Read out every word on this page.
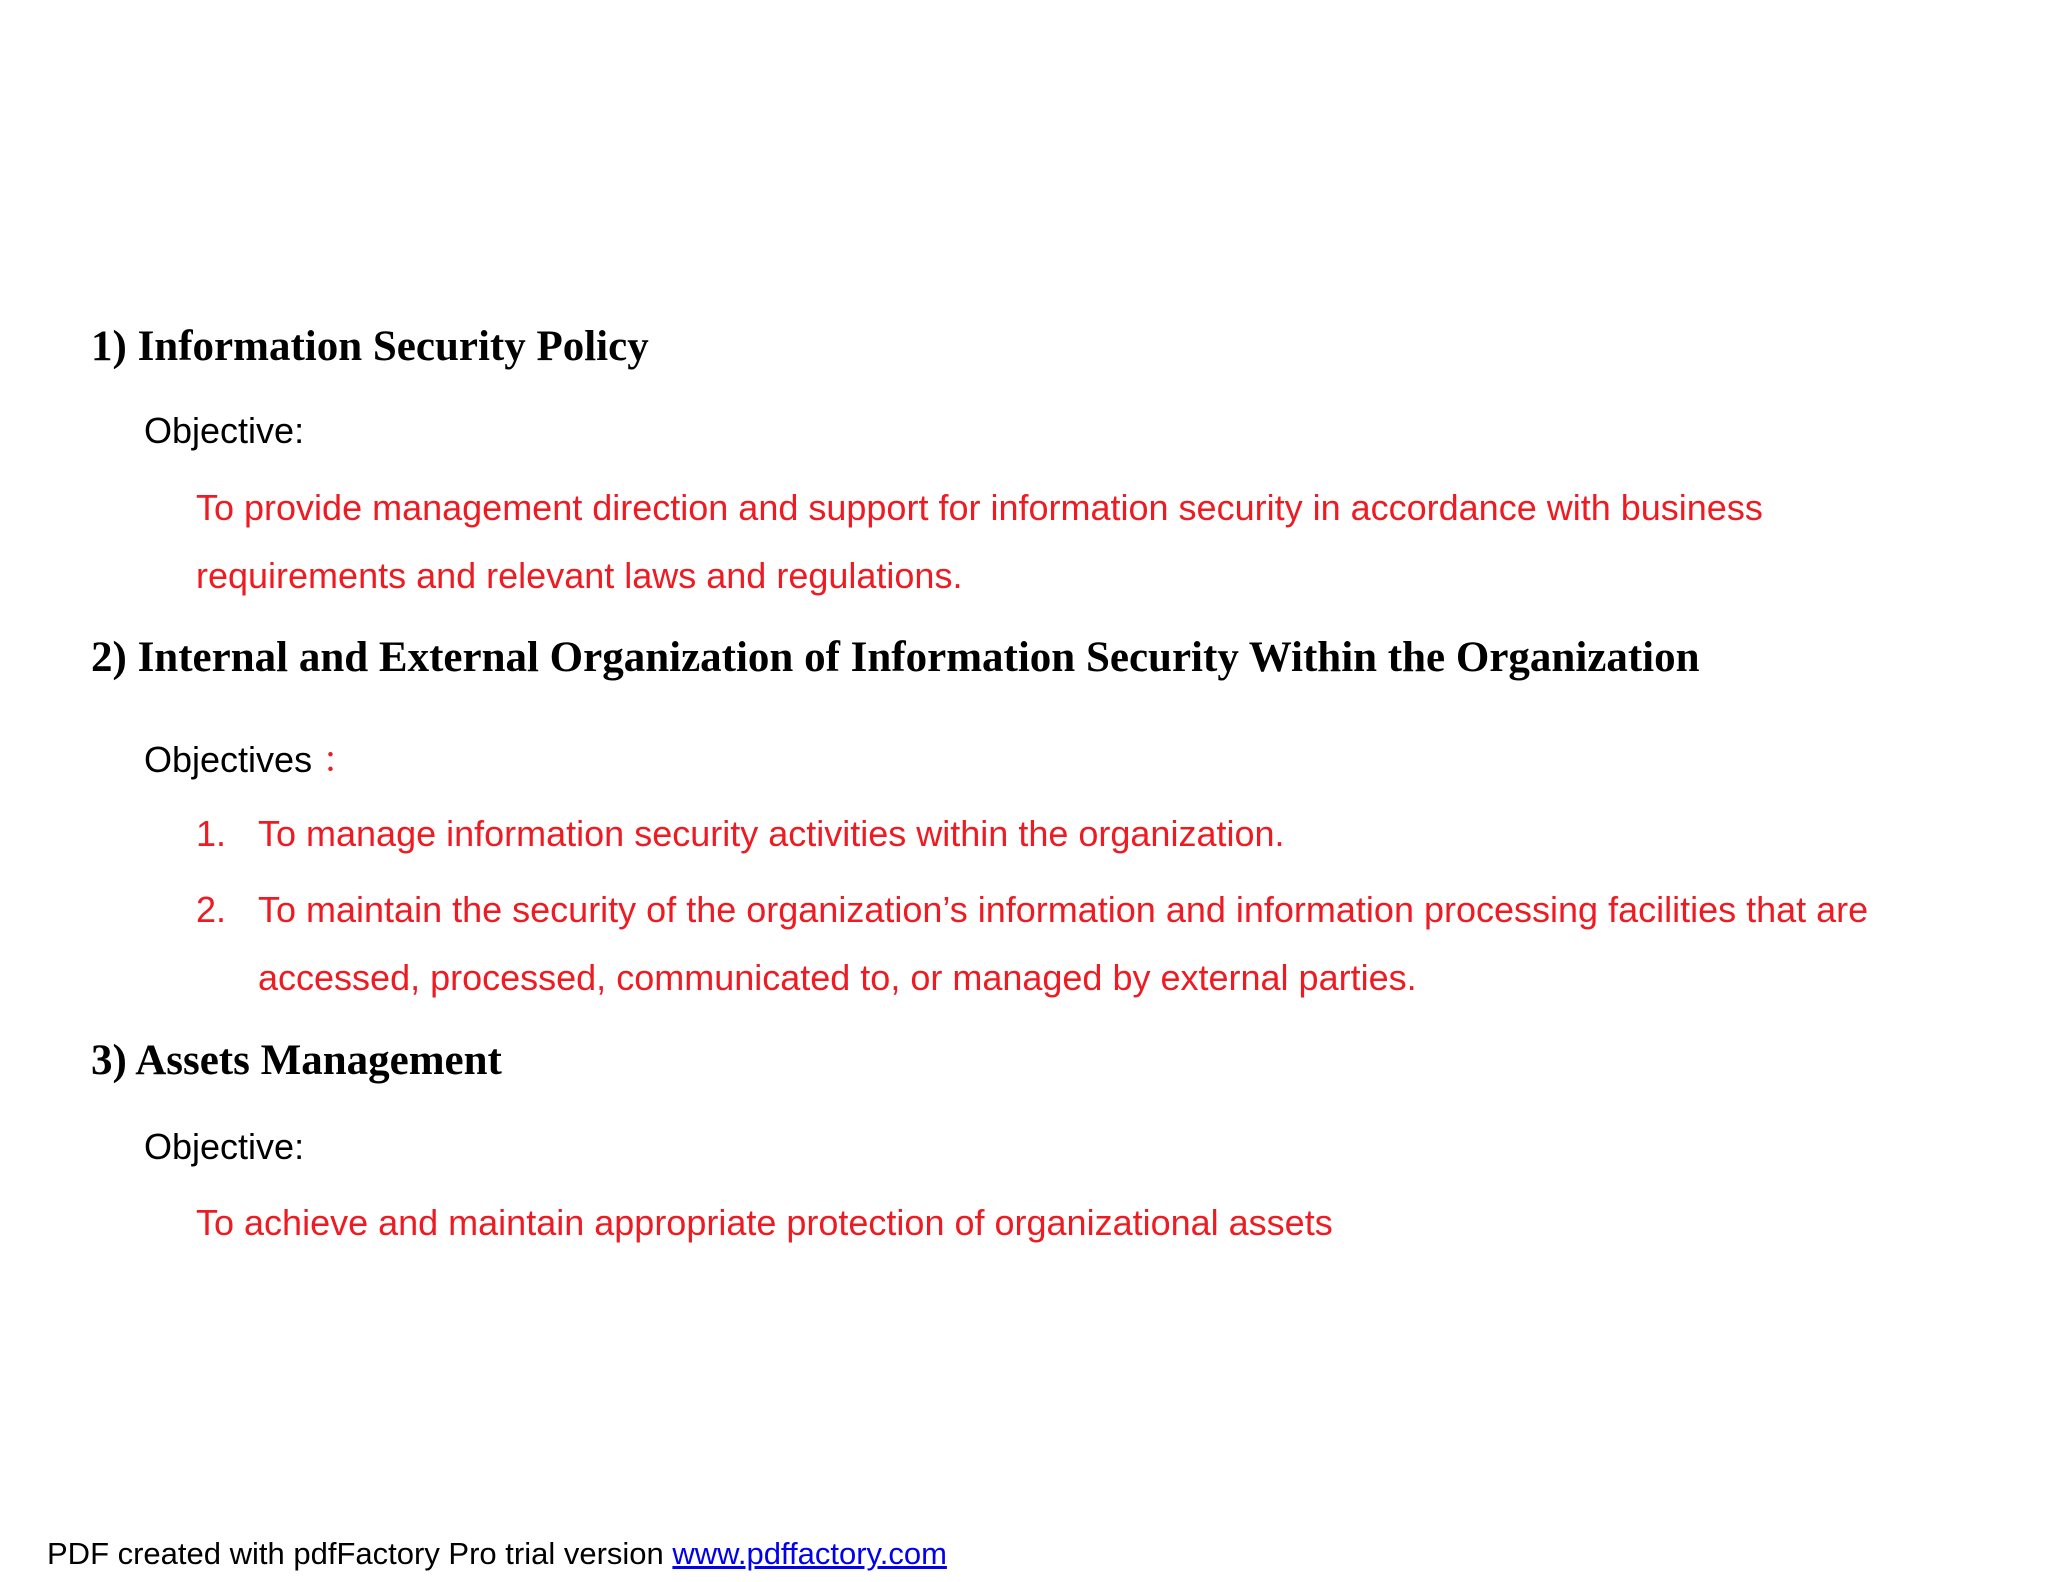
1) Information Security Policy
Objective:

To provide management direction and support for information security in accordance with business requirements and relevant laws and regulations.

2) Internal and External Organization of Information Security Within the Organization
Objectives ：
1. To manage information security activities within the organization.
2. To maintain the security of the organization’s information and information processing facilities that are accessed, processed, communicated to, or managed by external parties.
3) Assets Management
Objective:

To achieve and maintain appropriate protection of organizational assets

PDF created with pdfFactory Pro trial version www.pdffactory.com
